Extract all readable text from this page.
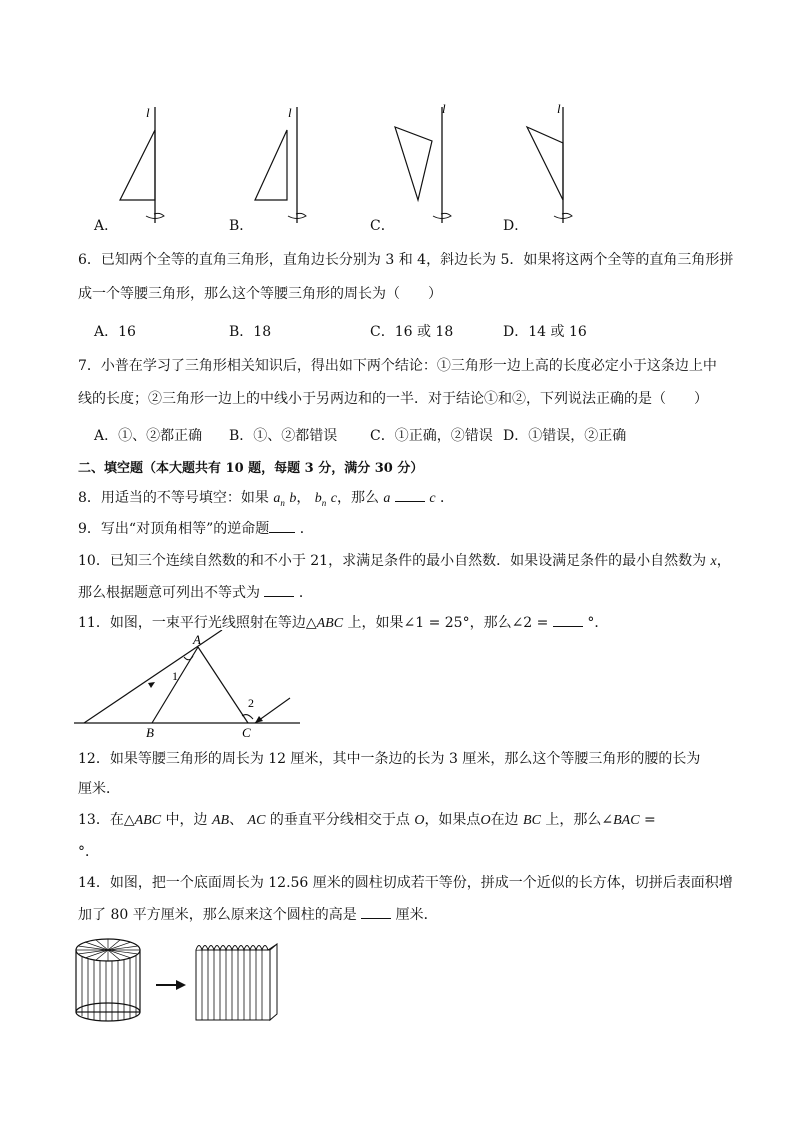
l	l	l	l
A．	B．	C．	D．
6．已知两个全等的直角三角形，直角边长分别为 3 和 4，斜边长为 5．如果将这两个全等的直角三角形拼
成一个等腰三角形，那么这个等腰三角形的周长为（　　）
A．16	B．18	C．16 或 18	D．14 或 16
7．小普在学习了三角形相关知识后，得出如下两个结论：①三角形一边上高的长度必定小于这条边上中
线的长度；②三角形一边上的中线小于另两边和的一半．对于结论①和②，下列说法正确的是（　　）
A．①、②都正确 B．①、②都错误 C．①正确，②错误 D．①错误，②正确
二、填空题（本大题共有 10 题，每题 3 分，满分 30 分）
8．用适当的不等号填空：如果 $a_n$ b， $b_n$ c，那么 a	c ．
9．写出“对顶角相等”的逆命题 ．
10．已知三个连续自然数的和不小于 21，求满足条件的最小自然数．如果设满足条件的最小自然数为 x，
那么根据题意可列出不等式为	．
11．如图，一束平行光线照射在等边△ABC 上，如果∠1 = 25°，那么∠2 =	°．
A
1
2
B	C
12．如果等腰三角形的周长为 12 厘米，其中一条边的长为 3 厘米，那么这个等腰三角形的腰的长为
厘米．
13．在△ABC 中，边 AB、 AC 的垂直平分线相交于点 O，如果点O在边 BC 上，那么∠BAC =
°．
14．如图，把一个底面周长为 12.56 厘米的圆柱切成若干等份，拼成一个近似的长方体，切拼后表面积增
加了 80 平方厘米，那么原来这个圆柱的高是	厘米．
